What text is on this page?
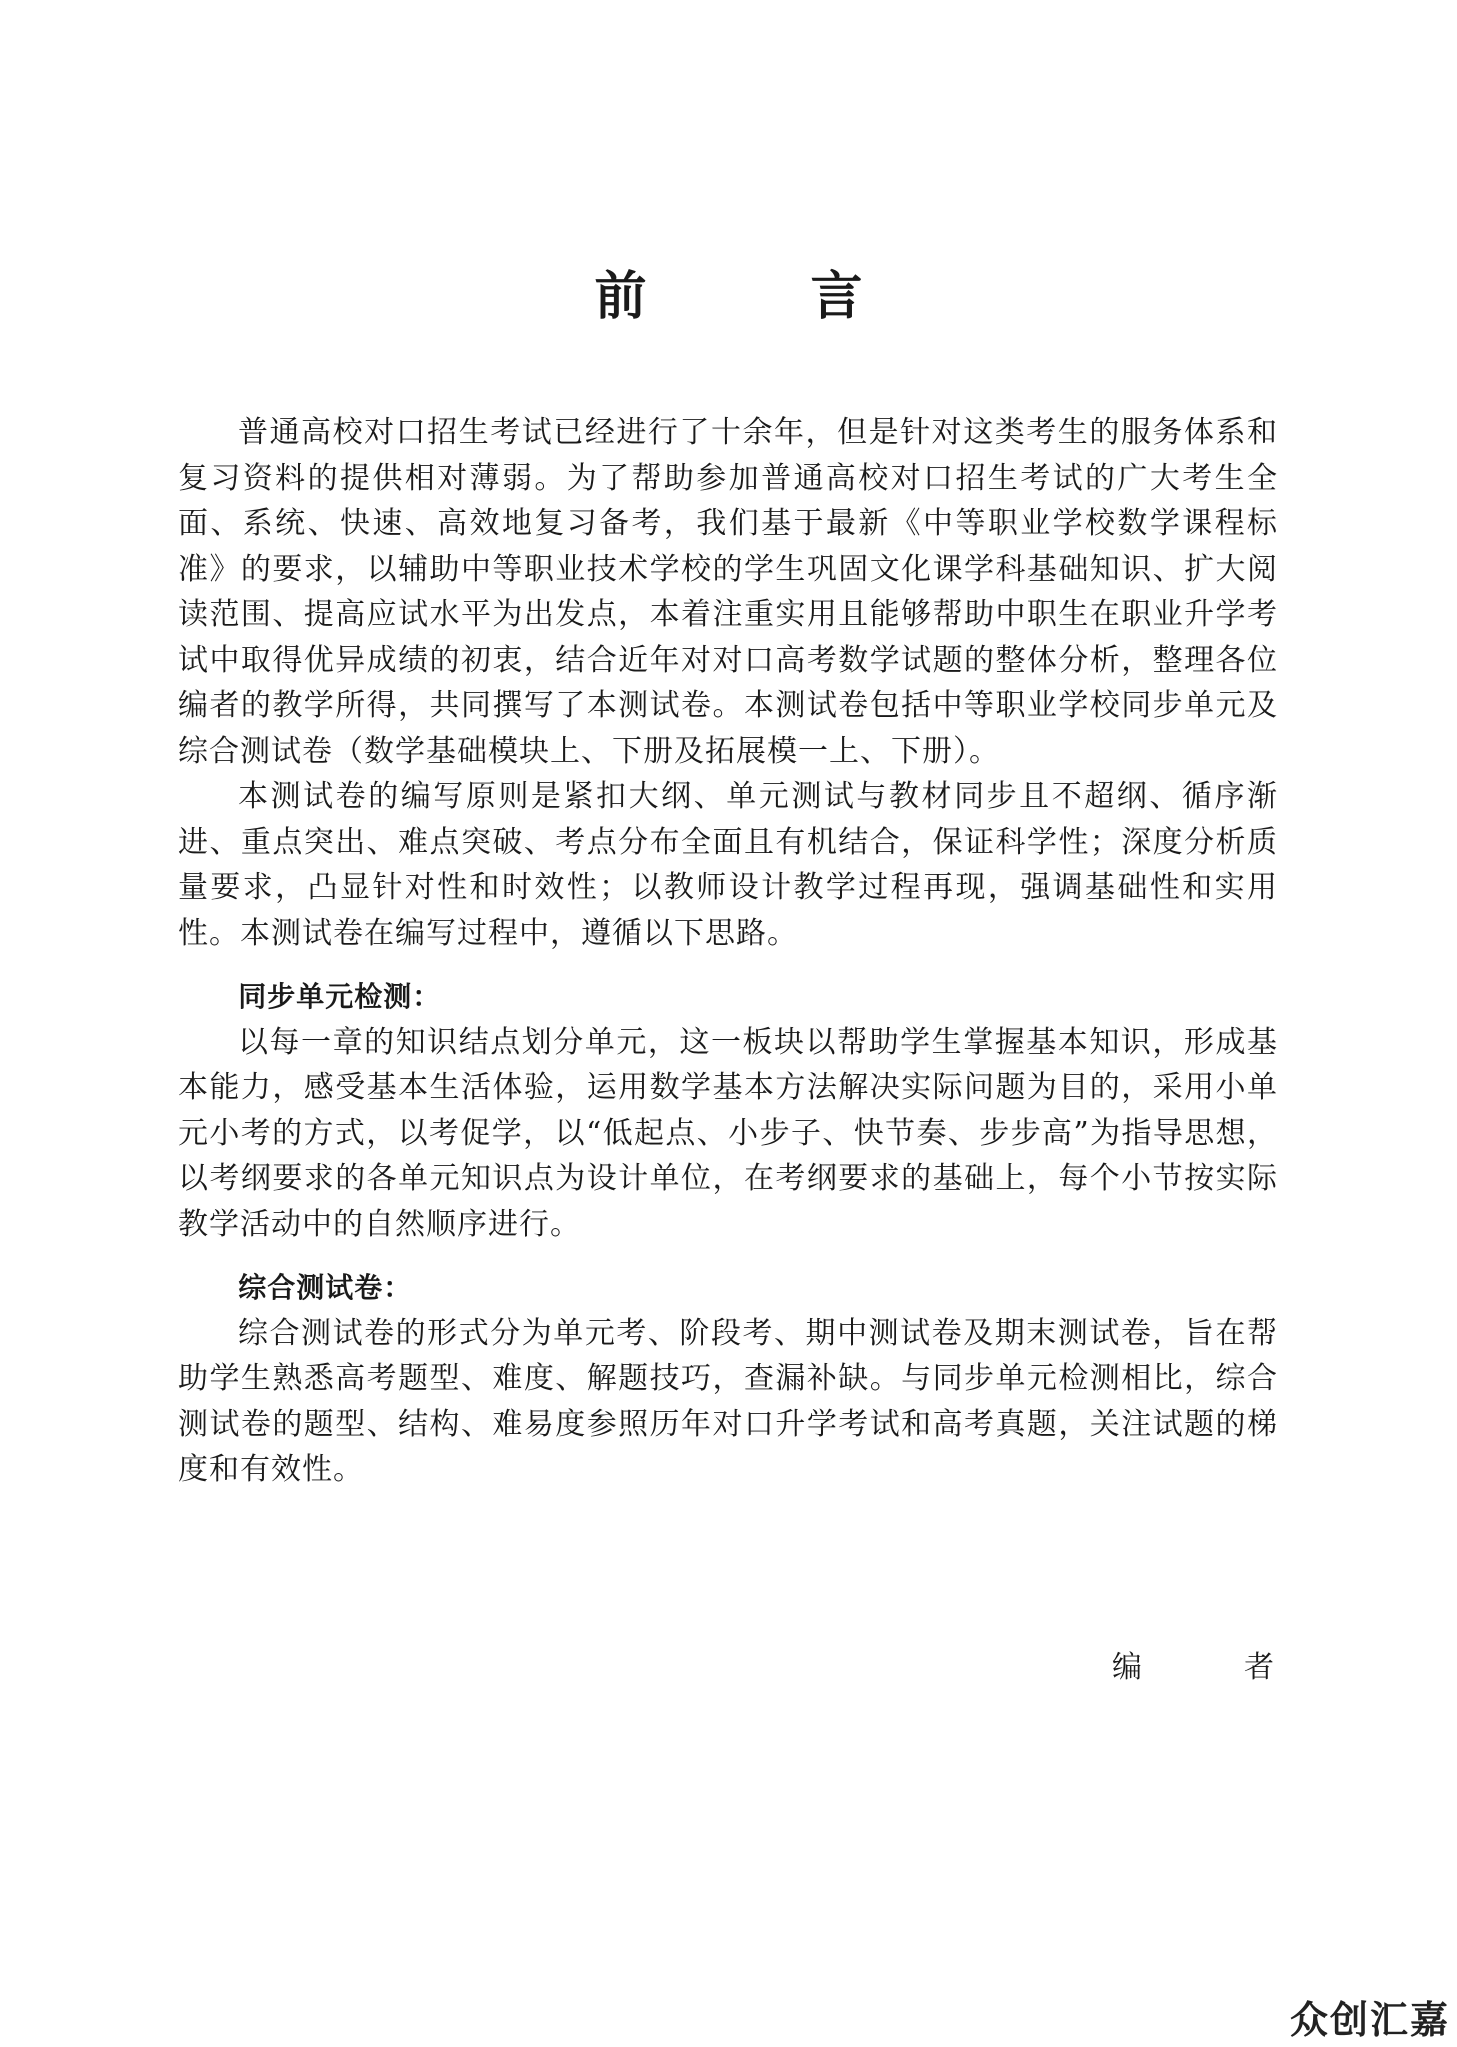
前　言

普通高校对口招生考试已经进行了十余年，但是针对这类考生的服务体系和复习资料的提供相对薄弱。为了帮助参加普通高校对口招生考试的广大考生全面、系统、快速、高效地复习备考，我们基于最新《中等职业学校数学课程标准》的要求，以辅助中等职业技术学校的学生巩固文化课学科基础知识、扩大阅读范围、提高应试水平为出发点，本着注重实用且能够帮助中职生在职业升学考试中取得优异成绩的初衷，结合近年对对口高考数学试题的整体分析，整理各位编者的教学所得，共同撰写了本测试卷。本测试卷包括中等职业学校同步单元及综合测试卷（数学基础模块上、下册及拓展模一上、下册）。

本测试卷的编写原则是紧扣大纲、单元测试与教材同步且不超纲、循序渐进、重点突出、难点突破、考点分布全面且有机结合，保证科学性；深度分析质量要求，凸显针对性和时效性；以教师设计教学过程再现，强调基础性和实用性。本测试卷在编写过程中，遵循以下思路。

同步单元检测：

以每一章的知识结点划分单元，这一板块以帮助学生掌握基本知识，形成基本能力，感受基本生活体验，运用数学基本方法解决实际问题为目的，采用小单元小考的方式，以考促学，以“低起点、小步子、快节奏、步步高”为指导思想，以考纲要求的各单元知识点为设计单位，在考纲要求的基础上，每个小节按实际教学活动中的自然顺序进行。

综合测试卷：

综合测试卷的形式分为单元考、阶段考、期中测试卷及期末测试卷，旨在帮助学生熟悉高考题型、难度、解题技巧，查漏补缺。与同步单元检测相比，综合测试卷的题型、结构、难易度参照历年对口升学考试和高考真题，关注试题的梯度和有效性。

编　者

众创汇嘉
